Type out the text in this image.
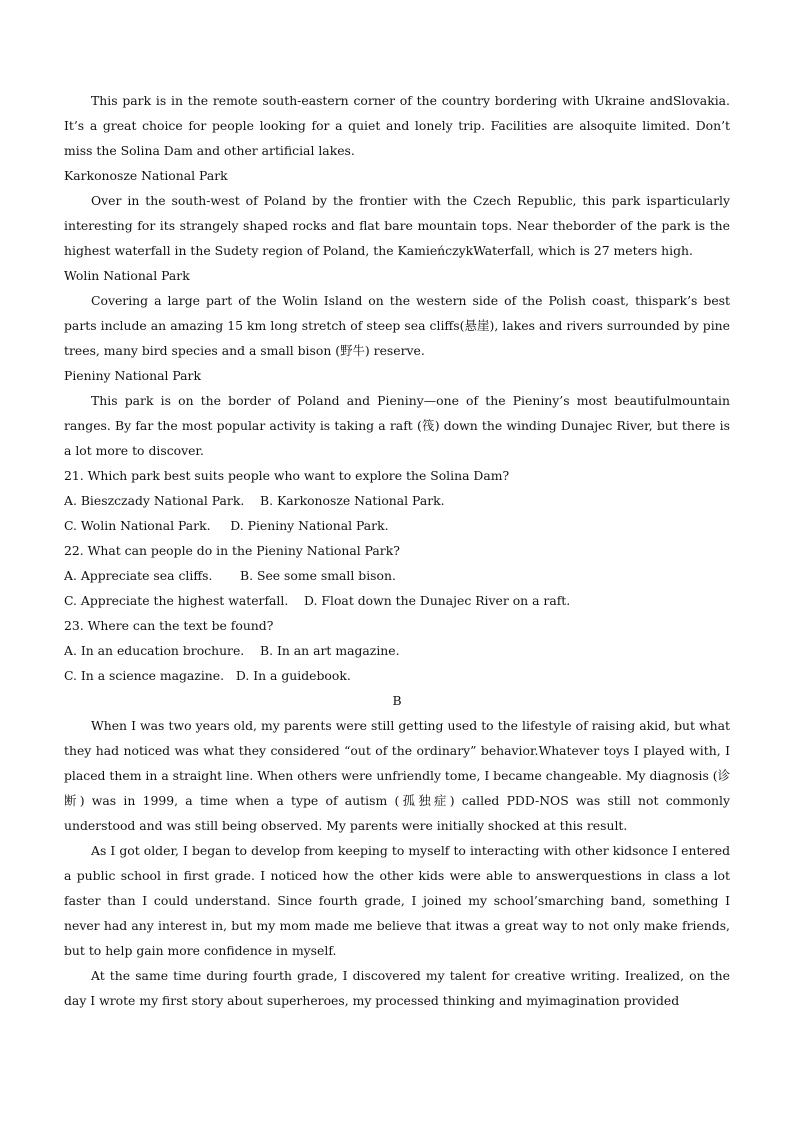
This park is in the remote south-eastern corner of the country bordering with Ukraine andSlovakia. It’s a great choice for people looking for a quiet and lonely trip. Facilities are alsoquite limited. Don’t miss the Solina Dam and other artificial lakes.

Karkonosze National Park

Over in the south-west of Poland by the frontier with the Czech Republic, this park isparticularly interesting for its strangely shaped rocks and flat bare mountain tops. Near theborder of the park is the highest waterfall in the Sudety region of Poland, the KamieńczykWaterfall, which is 27 meters high.

Wolin National Park

Covering a large part of the Wolin Island on the western side of the Polish coast, thispark’s best parts include an amazing 15 km long stretch of steep sea cliffs(悬崖), lakes and rivers surrounded by pine trees, many bird species and a small bison (野牛) reserve.

Pieniny National Park

This park is on the border of Poland and Pieniny—one of the Pieniny’s most beautifulmountain ranges. By far the most popular activity is taking a raft (筏) down the winding Dunajec River, but there is a lot more to discover.

21. Which park best suits people who want to explore the Solina Dam?
A. Bieszczady National Park.    B. Karkonosze National Park.
C. Wolin National Park.     D. Pieniny National Park.
22. What can people do in the Pieniny National Park?
A. Appreciate sea cliffs.       B. See some small bison.
C. Appreciate the highest waterfall.    D. Float down the Dunajec River on a raft.
23. Where can the text be found?
A. In an education brochure.    B. In an art magazine.
C. In a science magazine.   D. In a guidebook.
B

When I was two years old, my parents were still getting used to the lifestyle of raising akid, but what they had noticed was what they considered “out of the ordinary” behavior.Whatever toys I played with, I placed them in a straight line. When others were unfriendly tome, I became changeable. My diagnosis (诊断) was in 1999, a time when a type of autism (孤独症) called PDD-NOS was still not commonly understood and was still being observed. My parents were initially shocked at this result.

As I got older, I began to develop from keeping to myself to interacting with other kidsonce I entered a public school in first grade. I noticed how the other kids were able to answerquestions in class a lot faster than I could understand. Since fourth grade, I joined my school’smarching band, something I never had any interest in, but my mom made me believe that itwas a great way to not only make friends, but to help gain more confidence in myself.

At the same time during fourth grade, I discovered my talent for creative writing. Irealized, on the day I wrote my first story about superheroes, my processed thinking and myimagination provided
